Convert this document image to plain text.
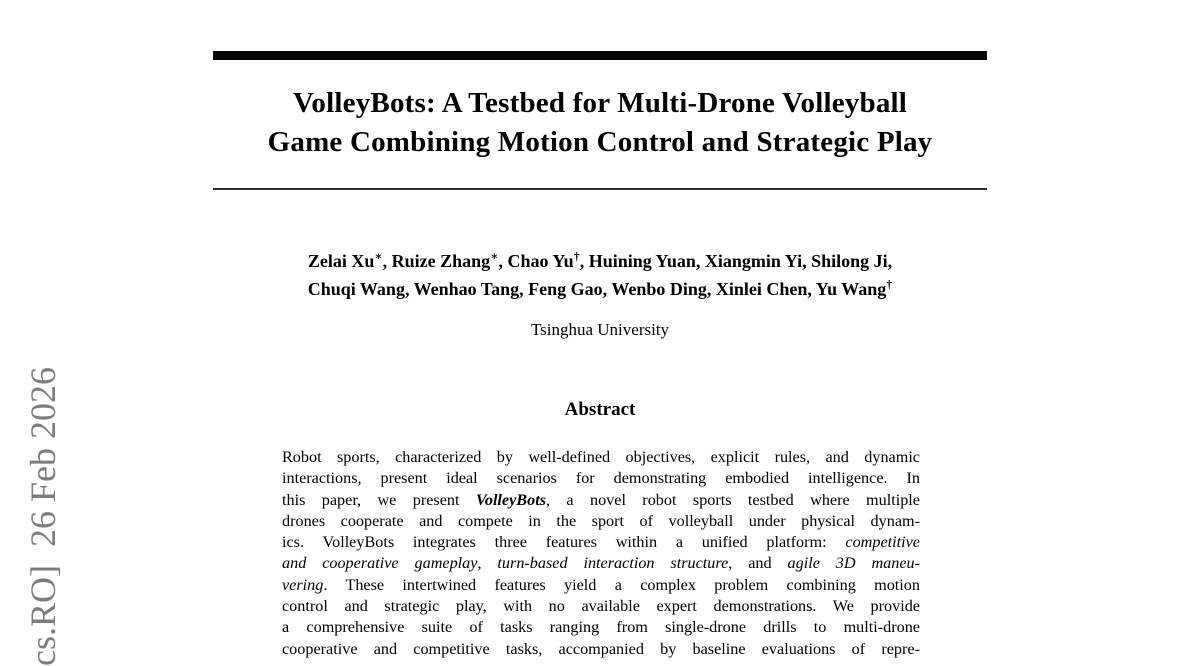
VolleyBots: A Testbed for Multi-Drone Volleyball
Game Combining Motion Control and Strategic Play
Zelai Xu∗, Ruize Zhang∗, Chao Yu†, Huining Yuan, Xiangmin Yi, Shilong Ji,
Chuqi Wang, Wenhao Tang, Feng Gao, Wenbo Ding, Xinlei Chen, Yu Wang†
Tsinghua University
Abstract
Robot sports, characterized by well-defined objectives, explicit rules, and dynamic
interactions, present ideal scenarios for demonstrating embodied intelligence. In
this paper, we present VolleyBots, a novel robot sports testbed where multiple
drones cooperate and compete in the sport of volleyball under physical dynam-
ics. VolleyBots integrates three features within a unified platform: competitive
and cooperative gameplay, turn-based interaction structure, and agile 3D maneu-
vering. These intertwined features yield a complex problem combining motion
control and strategic play, with no available expert demonstrations. We provide
a comprehensive suite of tasks ranging from single-drone drills to multi-drone
cooperative and competitive tasks, accompanied by baseline evaluations of repre-
cs.RO]  26 Feb 2026
